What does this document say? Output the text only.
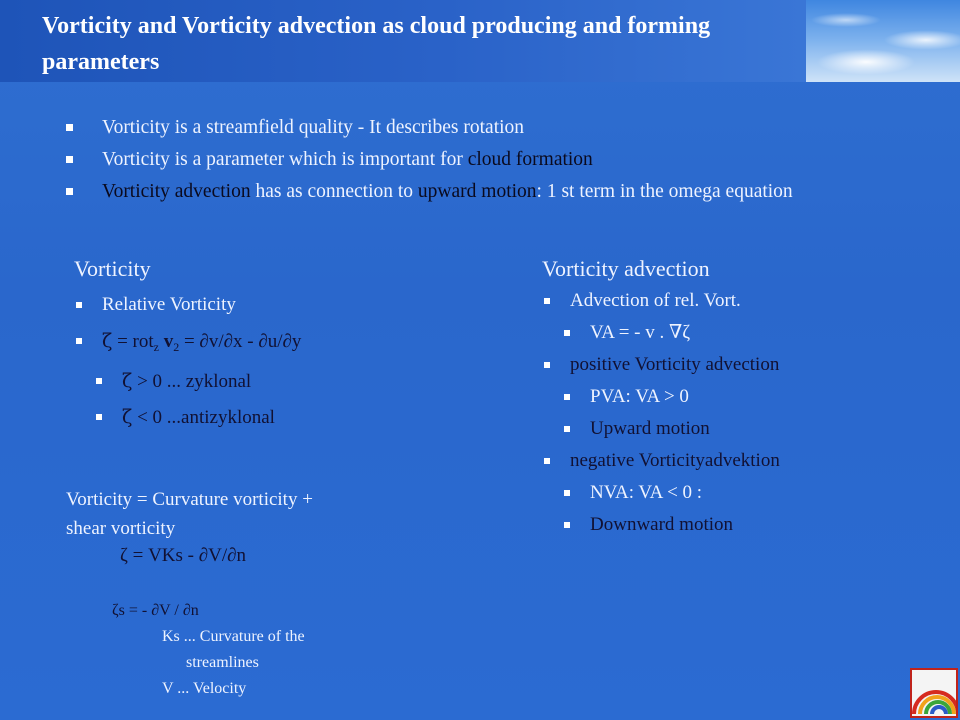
Vorticity and Vorticity advection as cloud producing and forming parameters
Vorticity is a streamfield quality - It describes rotation
Vorticity is a parameter which is important for cloud formation
Vorticity advection has as connection to upward motion: 1 st term in the omega equation
Vorticity
Relative Vorticity
ζ = rot$_z$ $v_2 = \partial v/\partial x - \partial u/\partial y$
ζ > 0 ... zyklonal
ζ < 0 ...antizyklonal
Vorticity = Curvature vorticity +
shear vorticity
ζ = VKs - ∂V/∂n
ζs = - ∂V / ∂n
Ks ... Curvature of the
streamlines
V ... Velocity
Vorticity advection
Advection of rel. Vort.
VA = - v . ∇ζ
positive Vorticity advection
PVA: VA > 0
Upward motion
negative Vorticityadvektion
NVA: VA < 0 :
Downward motion
